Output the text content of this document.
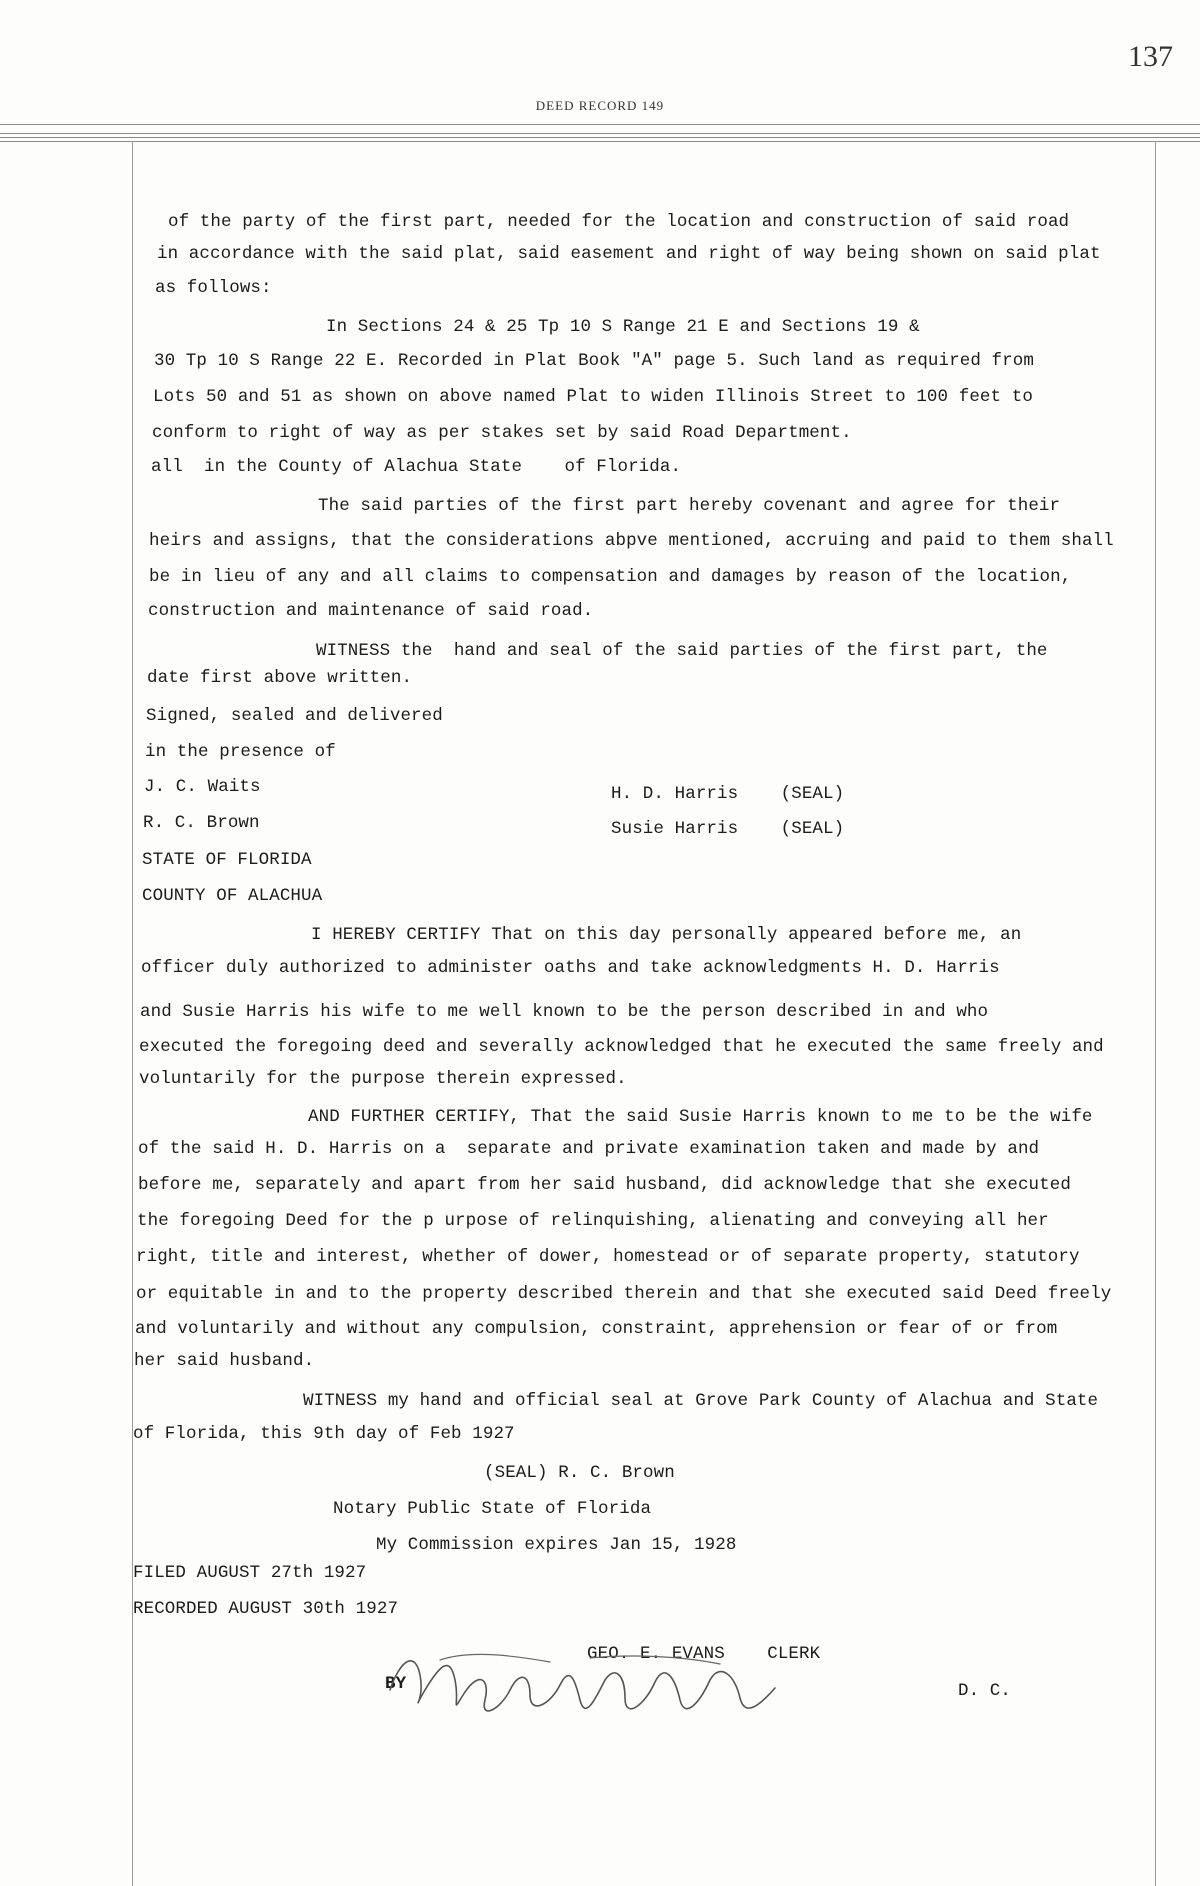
137
DEED RECORD 149
of the party of the first part, needed for the location and construction of said road
in accordance with the said plat, said easement and right of way being shown on said plat
as follows:
In Sections 24 & 25 Tp 10 S Range 21 E and Sections 19 &
30 Tp 10 S Range 22 E. Recorded in Plat Book "A" page 5. Such land as required from
Lots 50 and 51 as shown on above named Plat to widen Illinois Street to 100 feet to
conform to right of way as per stakes set by said Road Department.
all  in the County of Alachua State    of Florida.
The said parties of the first part hereby covenant and agree for their
heirs and assigns, that the considerations abpve mentioned, accruing and paid to them shall
be in lieu of any and all claims to compensation and damages by reason of the location,
construction and maintenance of said road.
WITNESS the  hand and seal of the said parties of the first part, the
date first above written.
Signed, sealed and delivered
in the presence of
J. C. Waits	H. D. Harris    (SEAL)
R. C. Brown	Susie Harris    (SEAL)
STATE OF FLORIDA
COUNTY OF ALACHUA
I HEREBY CERTIFY That on this day personally appeared before me, an
officer duly authorized to administer oaths and take acknowledgments H. D. Harris
and Susie Harris his wife to me well known to be the person described in and who
executed the foregoing deed and severally acknowledged that he executed the same freely and
voluntarily for the purpose therein expressed.
AND FURTHER CERTIFY, That the said Susie Harris known to me to be the wife
of the said H. D. Harris on a  separate and private examination taken and made by and
before me, separately and apart from her said husband, did acknowledge that she executed
the foregoing Deed for the p urpose of relinquishing, alienating and conveying all her
right, title and interest, whether of dower, homestead or of separate property, statutory
or equitable in and to the property described therein and that she executed said Deed freely
and voluntarily and without any compulsion, constraint, apprehension or fear of or from
her said husband.
WITNESS my hand and official seal at Grove Park County of Alachua and State
of Florida, this 9th day of Feb 1927
(SEAL) R. C. Brown
Notary Public State of Florida
My Commission expires Jan 15, 1928
FILED AUGUST 27th 1927
RECORDED AUGUST 30th 1927
GEO. E. EVANS    CLERK
BY	D. C.
